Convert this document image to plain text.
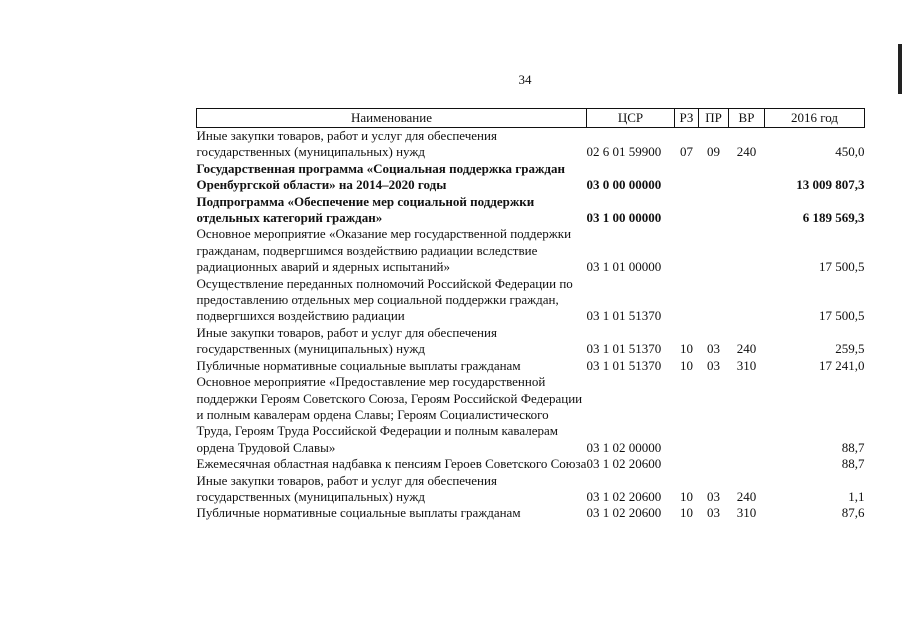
34
Наименование	ЦСР	РЗ	ПР	ВР	2016 год
Иные закупки товаров, работ и услуг для обеспечения государственных (муниципальных) нужд	02 6 01 59900	07	09	240	450,0
Государственная программа «Социальная поддержка граждан Оренбургской области» на 2014–2020 годы	03 0 00 00000				13 009 807,3
Подпрограмма «Обеспечение мер социальной поддержки отдельных категорий граждан»	03 1 00 00000				6 189 569,3
Основное мероприятие «Оказание мер государственной поддержки гражданам, подвергшимся воздействию радиации вследствие радиационных аварий и ядерных испытаний»	03 1 01 00000				17 500,5
Осуществление переданных полномочий Российской Федерации по предоставлению отдельных мер социальной поддержки граждан, подвергшихся воздействию радиации	03 1 01 51370				17 500,5
Иные закупки товаров, работ и услуг для обеспечения государственных (муниципальных) нужд	03 1 01 51370	10	03	240	259,5
Публичные нормативные социальные выплаты гражданам	03 1 01 51370	10	03	310	17 241,0
Основное мероприятие «Предоставление мер государственной поддержки Героям Советского Союза, Героям Российской Федерации и полным кавалерам ордена Славы; Героям Социалистического Труда, Героям Труда Российской Федерации и полным кавалерам ордена Трудовой Славы»	03 1 02 00000				88,7
Ежемесячная областная надбавка к пенсиям Героев Советского Союза	03 1 02 20600				88,7
Иные закупки товаров, работ и услуг для обеспечения государственных (муниципальных) нужд	03 1 02 20600	10	03	240	1,1
Публичные нормативные социальные выплаты гражданам	03 1 02 20600	10	03	310	87,6
